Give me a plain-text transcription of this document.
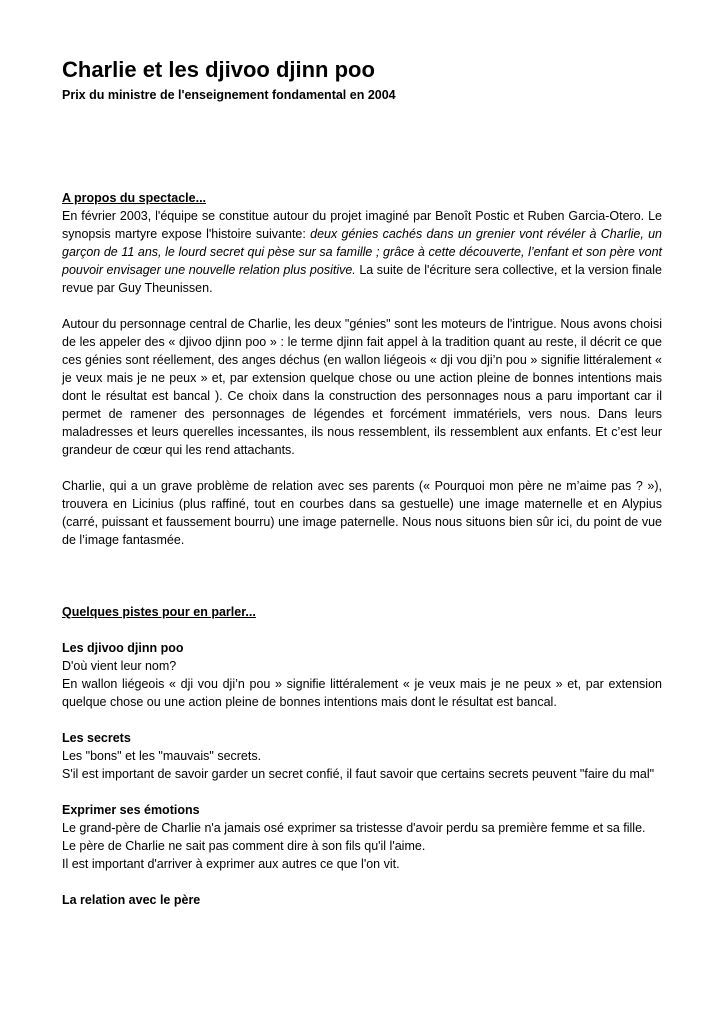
Charlie et les djivoo djinn poo
Prix du ministre de l'enseignement fondamental en 2004
A propos du spectacle...

En février 2003, l'équipe se constitue autour du projet imaginé par Benoît Postic et Ruben Garcia-Otero. Le synopsis martyre expose l'histoire suivante: deux génies cachés dans un grenier vont révéler à Charlie, un garçon de 11 ans, le lourd secret qui pèse sur sa famille ; grâce à cette découverte, l’enfant et son père vont pouvoir envisager une nouvelle relation plus positive. La suite de l'écriture sera collective, et la version finale revue par Guy Theunissen.

Autour du personnage central de Charlie, les deux "génies" sont les moteurs de l'intrigue. Nous avons choisi de les appeler des « djivoo djinn poo » : le terme djinn fait appel à la tradition quant au reste, il décrit ce que ces génies sont réellement, des anges déchus (en wallon liégeois « dji vou dji’n pou » signifie littéralement « je veux mais je ne peux » et, par extension quelque chose ou une action pleine de bonnes intentions mais dont le résultat est bancal ). Ce choix dans la construction des personnages nous a paru important car il permet de ramener des personnages de légendes et forcément immatériels, vers nous. Dans leurs maladresses et leurs querelles incessantes, ils nous ressemblent, ils ressemblent aux enfants. Et c’est leur grandeur de cœur qui les rend attachants.

Charlie, qui a un grave problème de relation avec ses parents (« Pourquoi mon père ne m’aime pas ? »), trouvera en Licinius (plus raffiné, tout en courbes dans sa gestuelle) une image maternelle et en Alypius (carré, puissant et faussement bourru) une image paternelle. Nous nous situons bien sûr ici, du point de vue de l’image fantasmée.

Quelques pistes pour en parler...
Les djivoo djinn poo

D'où vient leur nom?

En wallon liégeois « dji vou dji’n pou » signifie littéralement « je veux mais je ne peux » et, par extension quelque chose ou une action pleine de bonnes intentions mais dont le résultat est bancal.

Les secrets

Les "bons" et les "mauvais" secrets.

S'il est important de savoir garder un secret confié, il faut savoir que certains secrets peuvent "faire du mal"

Exprimer ses émotions

Le grand-père de Charlie n'a jamais osé exprimer sa tristesse d'avoir perdu sa première femme et sa fille.

Le père de Charlie ne sait pas comment dire à son fils qu'il l'aime.

Il est important d'arriver à exprimer aux autres ce que l'on vit.

La relation avec le père
